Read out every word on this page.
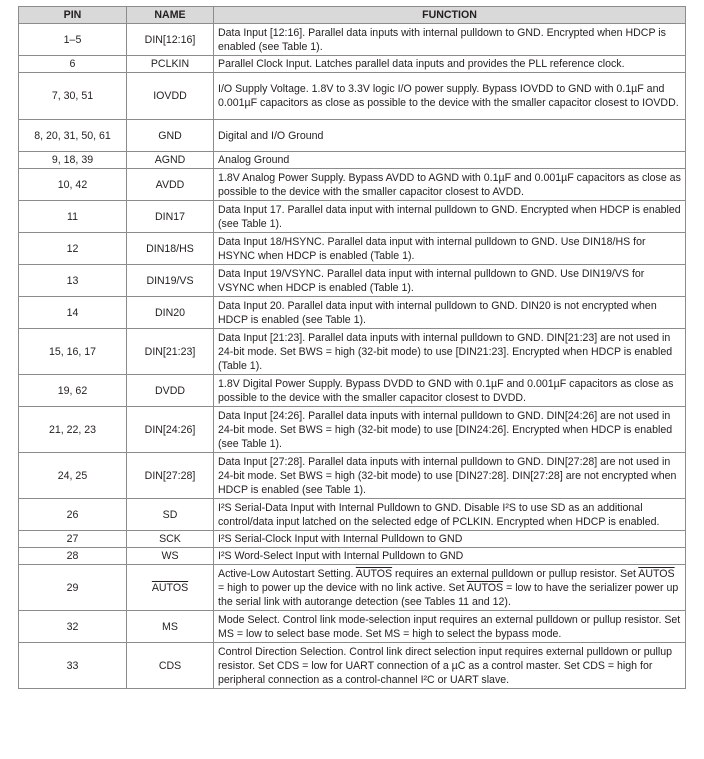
PIN	NAME	FUNCTION
1–5	DIN[12:16]	Data Input [12:16]. Parallel data inputs with internal pulldown to GND. Encrypted when HDCP is enabled (see Table 1).
6	PCLKIN	Parallel Clock Input. Latches parallel data inputs and provides the PLL reference clock.
7, 30, 51	IOVDD	I/O Supply Voltage. 1.8V to 3.3V logic I/O power supply. Bypass IOVDD to GND with 0.1µF and 0.001µF capacitors as close as possible to the device with the smaller capacitor closest to IOVDD.
8, 20, 31, 50, 61	GND	Digital and I/O Ground
9, 18, 39	AGND	Analog Ground
10, 42	AVDD	1.8V Analog Power Supply. Bypass AVDD to AGND with 0.1µF and 0.001µF capacitors as close as possible to the device with the smaller capacitor closest to AVDD.
11	DIN17	Data Input 17. Parallel data input with internal pulldown to GND. Encrypted when HDCP is enabled (see Table 1).
12	DIN18/HS	Data Input 18/HSYNC. Parallel data input with internal pulldown to GND. Use DIN18/HS for HSYNC when HDCP is enabled (Table 1).
13	DIN19/VS	Data Input 19/VSYNC. Parallel data input with internal pulldown to GND. Use DIN19/VS for VSYNC when HDCP is enabled (Table 1).
14	DIN20	Data Input 20. Parallel data input with internal pulldown to GND. DIN20 is not encrypted when HDCP is enabled (see Table 1).
15, 16, 17	DIN[21:23]	Data Input [21:23]. Parallel data inputs with internal pulldown to GND. DIN[21:23] are not used in 24-bit mode. Set BWS = high (32-bit mode) to use [DIN21:23]. Encrypted when HDCP is enabled (Table 1).
19, 62	DVDD	1.8V Digital Power Supply. Bypass DVDD to GND with 0.1µF and 0.001µF capacitors as close as possible to the device with the smaller capacitor closest to DVDD.
21, 22, 23	DIN[24:26]	Data Input [24:26]. Parallel data inputs with internal pulldown to GND. DIN[24:26] are not used in 24-bit mode. Set BWS = high (32-bit mode) to use [DIN24:26]. Encrypted when HDCP is enabled (see Table 1).
24, 25	DIN[27:28]	Data Input [27:28]. Parallel data inputs with internal pulldown to GND. DIN[27:28] are not used in 24-bit mode. Set BWS = high (32-bit mode) to use [DIN27:28]. DIN[27:28] are not encrypted when HDCP is enabled (see Table 1).
26	SD	I²S Serial-Data Input with Internal Pulldown to GND. Disable I²S to use SD as an additional control/data input latched on the selected edge of PCLKIN. Encrypted when HDCP is enabled.
27	SCK	I²S Serial-Clock Input with Internal Pulldown to GND
28	WS	I²S Word-Select Input with Internal Pulldown to GND
29	AUTOS	Active-Low Autostart Setting. AUTOS requires an external pulldown or pullup resistor. Set AUTOS = high to power up the device with no link active. Set AUTOS = low to have the serializer power up the serial link with autorange detection (see Tables 11 and 12).
32	MS	Mode Select. Control link mode-selection input requires an external pulldown or pullup resistor. Set MS = low to select base mode. Set MS = high to select the bypass mode.
33	CDS	Control Direction Selection. Control link direct selection input requires external pulldown or pullup resistor. Set CDS = low for UART connection of a µC as a control master. Set CDS = high for peripheral connection as a control-channel I²C or UART slave.
